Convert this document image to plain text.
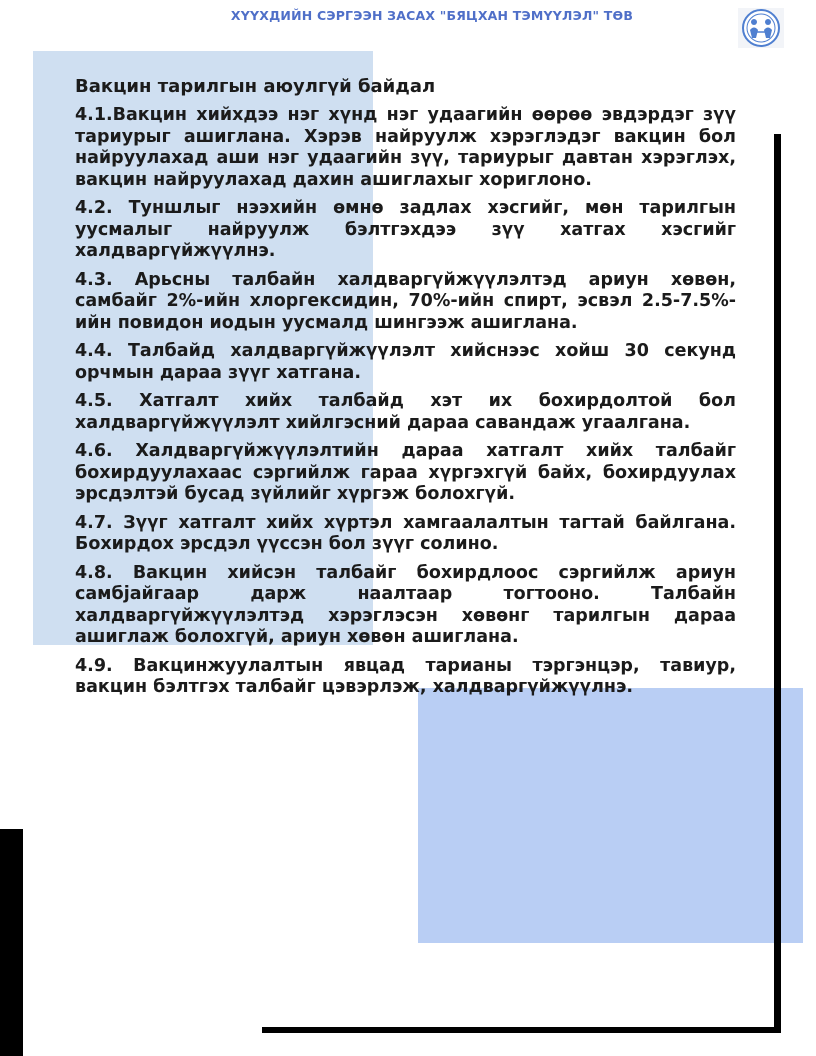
ХҮҮХДИЙН СЭРГЭЭН ЗАСАХ "БЯЦХАН ТЭМҮҮЛЭЛ" ТӨВ
Вакцин тарилгын аюулгүй байдал

4.1.Вакцин хийхдээ нэг хүнд нэг удаагийн өөрөө эвдэрдэг зүү тариурыг ашиглана. Хэрэв найруулж хэрэглэдэг вакцин бол найруулахад аши нэг удаагийн зүү, тариурыг давтан хэрэглэх, вакцин найруулахад дахин ашиглахыг хориглоно.

4.2. Туншлыг нээхийн өмнө задлах хэсгийг, мөн тарилгын уусмалыг найруулж бэлтгэхдээ зүү хатгах хэсгийг халдваргүйжүүлнэ.

4.3. Арьсны талбайн халдваргүйжүүлэлтэд ариун хөвөн, самбайг 2%-ийн хлоргексидин, 70%-ийн спирт, эсвэл 2.5-7.5%-ийн повидон иодын уусмалд шингээж ашиглана.

4.4. Талбайд халдваргүйжүүлэлт хийснээс хойш 30 секунд орчмын дараа зүүг хатгана.

4.5. Хатгалт хийх талбайд хэт их бохирдолтой бол халдваргүйжүүлэлт хийлгэсний дараа савандаж угаалгана.

4.6. Халдваргүйжүүлэлтийн дараа хатгалт хийх талбайг бохирдуулахаас сэргийлж гараа хүргэхгүй байх, бохирдуулах эрсдэлтэй бусад зүйлийг хүргэж болохгүй.

4.7. Зүүг хатгалт хийх хүртэл хамгаалалтын тагтай байлгана. Бохирдох эрсдэл үүссэн бол зүүг солино.

4.8. Вакцин хийсэн талбайг бохирдлоос сэргийлж ариун самбјайгаар дарж наалтаар тогтооно. Талбайн халдваргүйжүүлэлтэд хэрэглэсэн хөвөнг тарилгын дараа ашиглаж болохгүй, ариун хөвөн ашиглана.

4.9. Вакцинжуулалтын явцад тарианы тэргэнцэр, тавиур, вакцин бэлтгэх талбайг цэвэрлэж, халдваргүйжүүлнэ.
